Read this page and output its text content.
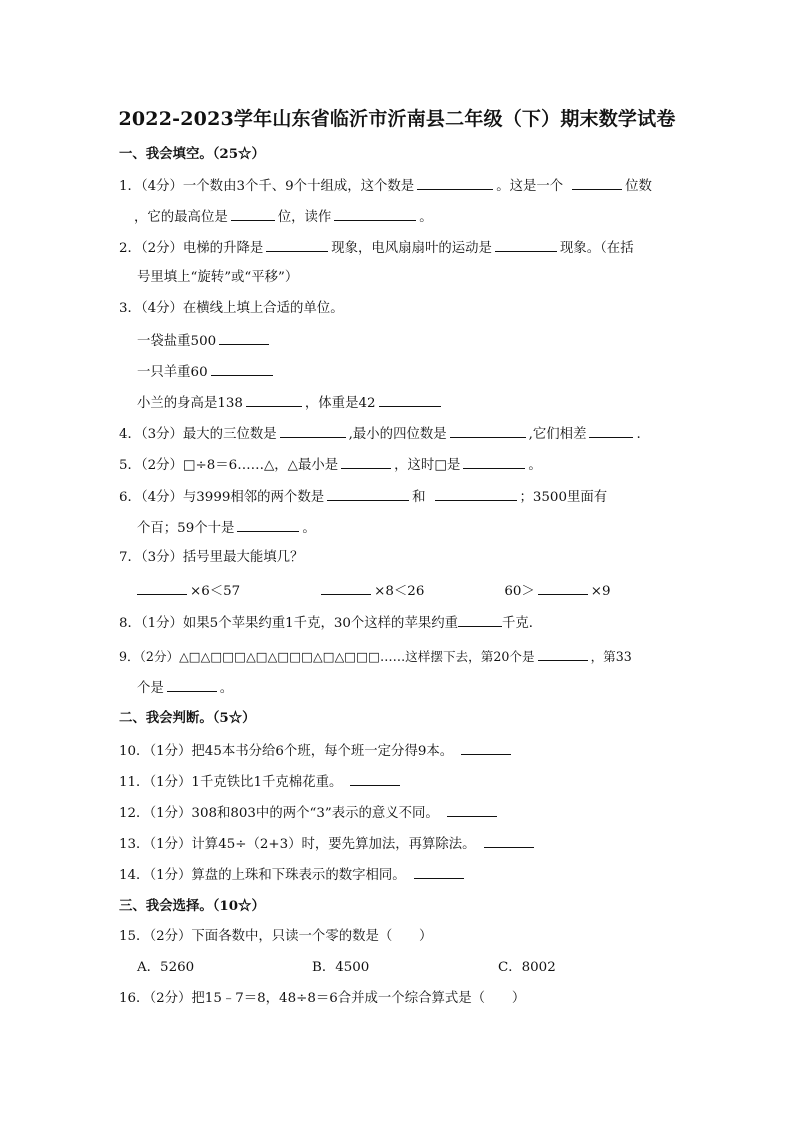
2022-2023学年山东省临沂市沂南县二年级（下）期末数学试卷
一、我会填空。（25☆）
1．（4分）一个数由3个千、9个十组成，这个数是	。这是一个	位数
，它的最高位是	位，读作	。
2．（2分）电梯的升降是	现象，电风扇扇叶的运动是	现象。（在括
号里填上“旋转”或“平移”）
3．（4分）在横线上填上合适的单位。
一袋盐重500
一只羊重60
小兰的身高是138	，体重是42
4．（3分）最大的三位数是	,最小的四位数是	,它们相差	.
5．（2分）□÷8＝6……△，△最小是	，这时□是	。
6．（4分）与3999相邻的两个数是	和	；3500里面有
个百；59个十是	。
7．（3分）括号里最大能填几？
×6＜57	×8＜26	60＞	×9
8．（1分）如果5个苹果约重1千克，30个这样的苹果约重	千克．
9．（2分）△□△□□□△□△□□□△□△□□□……这样摆下去，第20个是	，第33
个是	。
二、我会判断。（5☆）
10．（1分）把45本书分给6个班，每个班一定分得9本。
11．（1分）1千克铁比1千克棉花重。
12．（1分）308和803中的两个“3”表示的意义不同。
13．（1分）计算45÷（2+3）时，要先算加法，再算除法。
14．（1分）算盘的上珠和下珠表示的数字相同。
三、我会选择。（10☆）
15．（2分）下面各数中，只读一个零的数是（　　）
A．5260	B．4500	C．8002
16．（2分）把15﹣7＝8，48÷8＝6合并成一个综合算式是（　　）
